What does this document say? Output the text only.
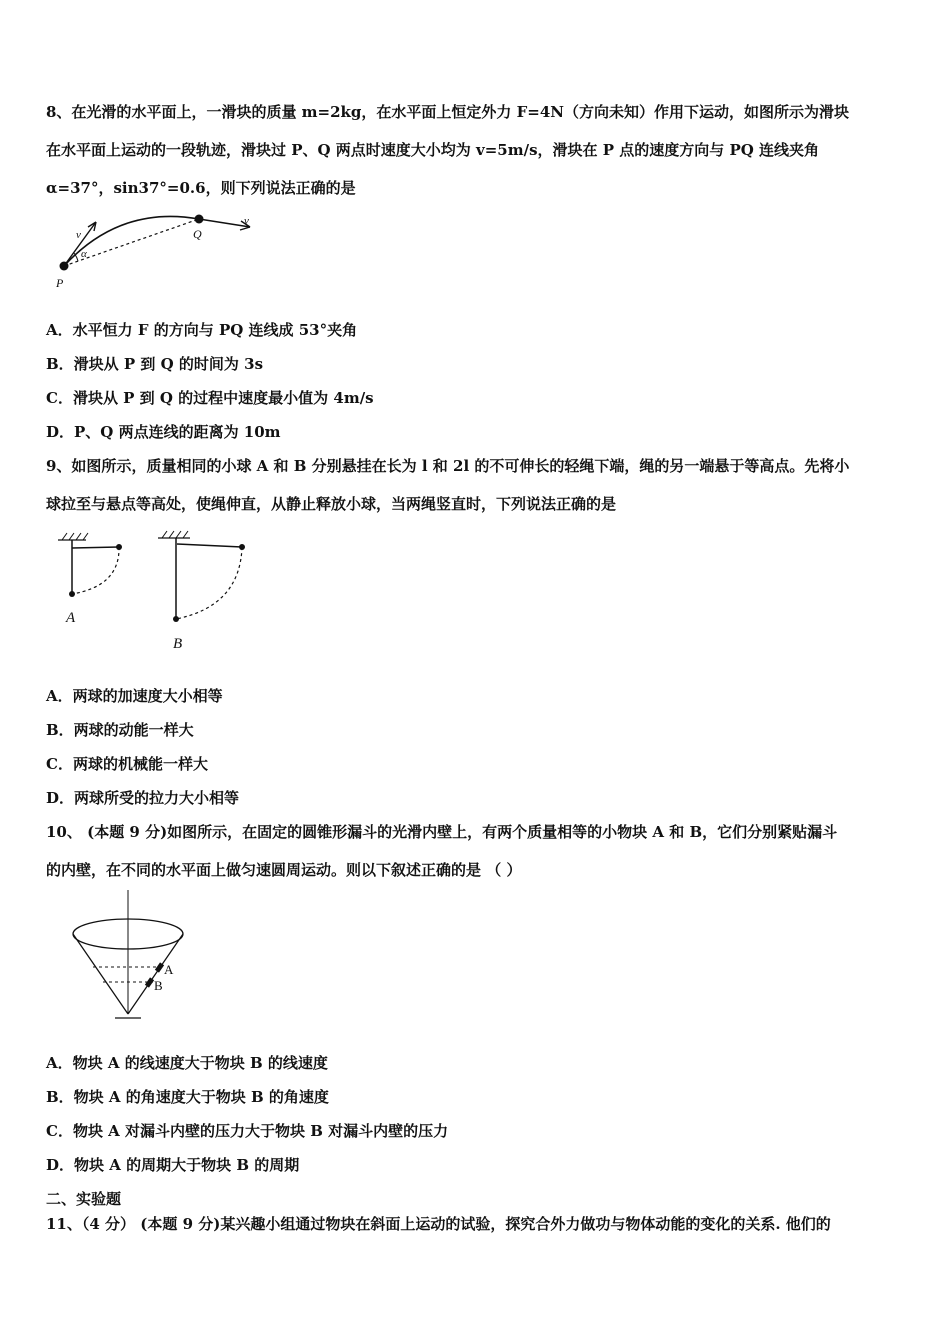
8、在光滑的水平面上，一滑块的质量 m=2kg，在水平面上恒定外力 F=4N（方向未知）作用下运动，如图所示为滑块
在水平面上运动的一段轨迹，滑块过 P、Q 两点时速度大小均为 v=5m/s，滑块在 P 点的速度方向与 PQ 连线夹角
α=37°，sin37°=0.6，则下列说法正确的是
v
α
Q
v
P
A．水平恒力 F 的方向与 PQ 连线成 53°夹角
B．滑块从 P 到 Q 的时间为 3s
C．滑块从 P 到 Q 的过程中速度最小值为 4m/s
D．P、Q 两点连线的距离为 10m
9、如图所示，质量相同的小球 A 和 B 分别悬挂在长为 l 和 2l 的不可伸长的轻绳下端，绳的另一端悬于等高点。先将小
球拉至与悬点等高处，使绳伸直，从静止释放小球，当两绳竖直时，下列说法正确的是
A
B
A．两球的加速度大小相等
B．两球的动能一样大
C．两球的机械能一样大
D．两球所受的拉力大小相等
10、 (本题 9 分)如图所示，在固定的圆锥形漏斗的光滑内壁上，有两个质量相等的小物块 A 和 B，它们分别紧贴漏斗
的内壁，在不同的水平面上做匀速圆周运动。则以下叙述正确的是 （ ）
A
B
A．物块 A 的线速度大于物块 B 的线速度
B．物块 A 的角速度大于物块 B 的角速度
C．物块 A 对漏斗内壁的压力大于物块 B 对漏斗内壁的压力
D．物块 A 的周期大于物块 B 的周期
二、实验题
11、（4 分） (本题 9 分)某兴趣小组通过物块在斜面上运动的试验，探究合外力做功与物体动能的变化的关系. 他们的
